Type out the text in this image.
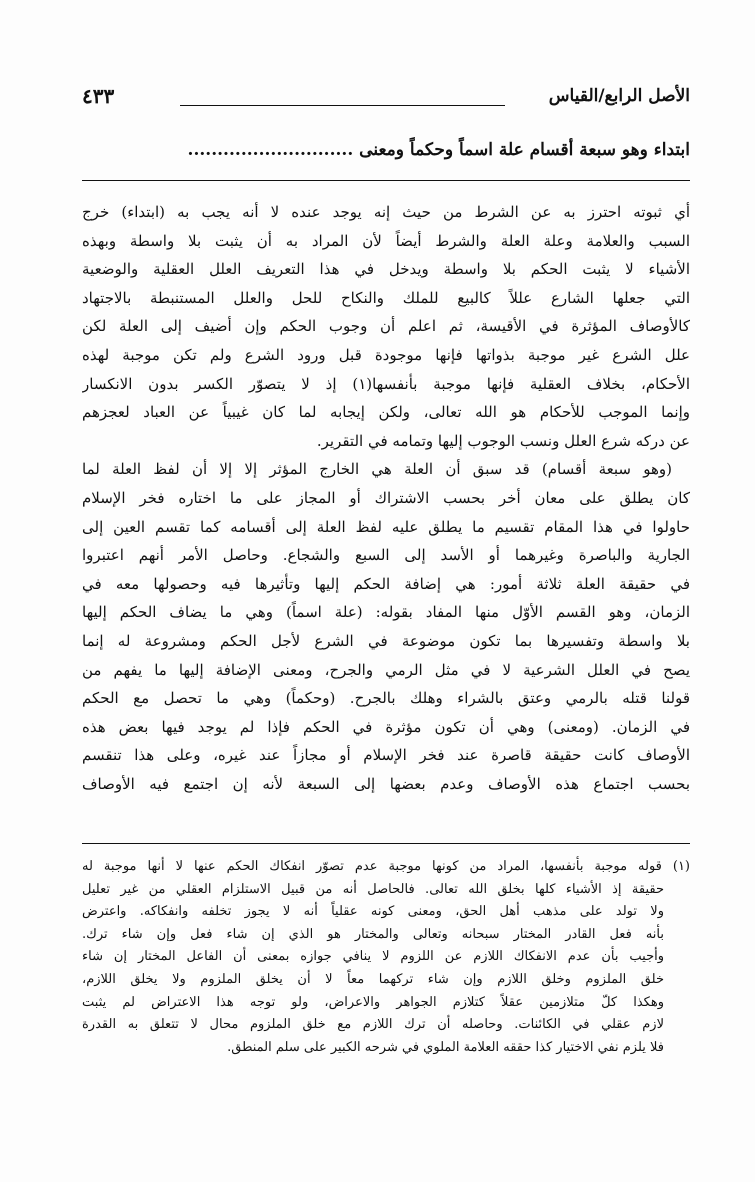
الأصل الرابع/القياس
٤٣٣
ابتداء وهو سبعة أقسام علة اسماً وحكماً ومعنى ............................
أي ثبوته احترز به عن الشرط من حيث إنه يوجد عنده لا أنه يجب به (ابتداء) خرج
السبب والعلامة وعلة العلة والشرط أيضاً لأن المراد به أن يثبت بلا واسطة وبهذه
الأشياء لا يثبت الحكم بلا واسطة ويدخل في هذا التعريف العلل العقلية والوضعية
التي جعلها الشارع عللاً كالبيع للملك والنكاح للحل والعلل المستنبطة بالاجتهاد
كالأوصاف المؤثرة في الأقيسة، ثم اعلم أن وجوب الحكم وإن أضيف إلى العلة لكن
علل الشرع غير موجبة بذواتها فإنها موجودة قبل ورود الشرع ولم تكن موجبة لهذه
الأحكام، بخلاف العقلية فإنها موجبة بأنفسها(١) إذ لا يتصوّر الكسر بدون الانكسار
وإنما الموجب للأحكام هو الله تعالى، ولكن إيجابه لما كان غيبياً عن العباد لعجزهم
عن دركه شرع العلل ونسب الوجوب إليها وتمامه في التقرير.
(وهو سبعة أقسام) قد سبق أن العلة هي الخارج المؤثر إلا إلا أن لفظ العلة لما
كان يطلق على معان أخر بحسب الاشتراك أو المجاز على ما اختاره فخر الإسلام
حاولوا في هذا المقام تقسيم ما يطلق عليه لفظ العلة إلى أقسامه كما تقسم العين إلى
الجارية والباصرة وغيرهما أو الأسد إلى السبع والشجاع. وحاصل الأمر أنهم اعتبروا
في حقيقة العلة ثلاثة أمور: هي إضافة الحكم إليها وتأثيرها فيه وحصولها معه في
الزمان، وهو القسم الأوّل منها المفاد بقوله: (علة اسماً) وهي ما يضاف الحكم إليها
بلا واسطة وتفسيرها بما تكون موضوعة في الشرع لأجل الحكم ومشروعة له إنما
يصح في العلل الشرعية لا في مثل الرمي والجرح، ومعنى الإضافة إليها ما يفهم من
قولنا قتله بالرمي وعتق بالشراء وهلك بالجرح. (وحكماً) وهي ما تحصل مع الحكم
في الزمان. (ومعنى) وهي أن تكون مؤثرة في الحكم فإذا لم يوجد فيها بعض هذه
الأوصاف كانت حقيقة قاصرة عند فخر الإسلام أو مجازاً عند غيره، وعلى هذا تنقسم
بحسب اجتماع هذه الأوصاف وعدم بعضها إلى السبعة لأنه إن اجتمع فيه الأوصاف
(١) قوله موجبة بأنفسها، المراد من كونها موجبة عدم تصوّر انفكاك الحكم عنها لا أنها موجبة له
حقيقة إذ الأشياء كلها بخلق الله تعالى. فالحاصل أنه من قبيل الاستلزام العقلي من غير تعليل
ولا تولد على مذهب أهل الحق، ومعنى كونه عقلياً أنه لا يجوز تخلفه وانفكاكه. واعترض
بأنه فعل القادر المختار سبحانه وتعالى والمختار هو الذي إن شاء فعل وإن شاء ترك.
وأجيب بأن عدم الانفكاك اللازم عن اللزوم لا ينافي جوازه بمعنى أن الفاعل المختار إن شاء
خلق الملزوم وخلق اللازم وإن شاء تركهما معاً لا أن يخلق الملزوم ولا يخلق اللازم،
وهكذا كلّ متلازمين عقلاً كتلازم الجواهر والاعراض، ولو توجه هذا الاعتراض لم يثبت
لازم عقلي في الكائنات. وحاصله أن ترك اللازم مع خلق الملزوم محال لا تتعلق به القدرة
فلا يلزم نفي الاختيار كذا حققه العلامة الملوي في شرحه الكبير على سلم المنطق.
